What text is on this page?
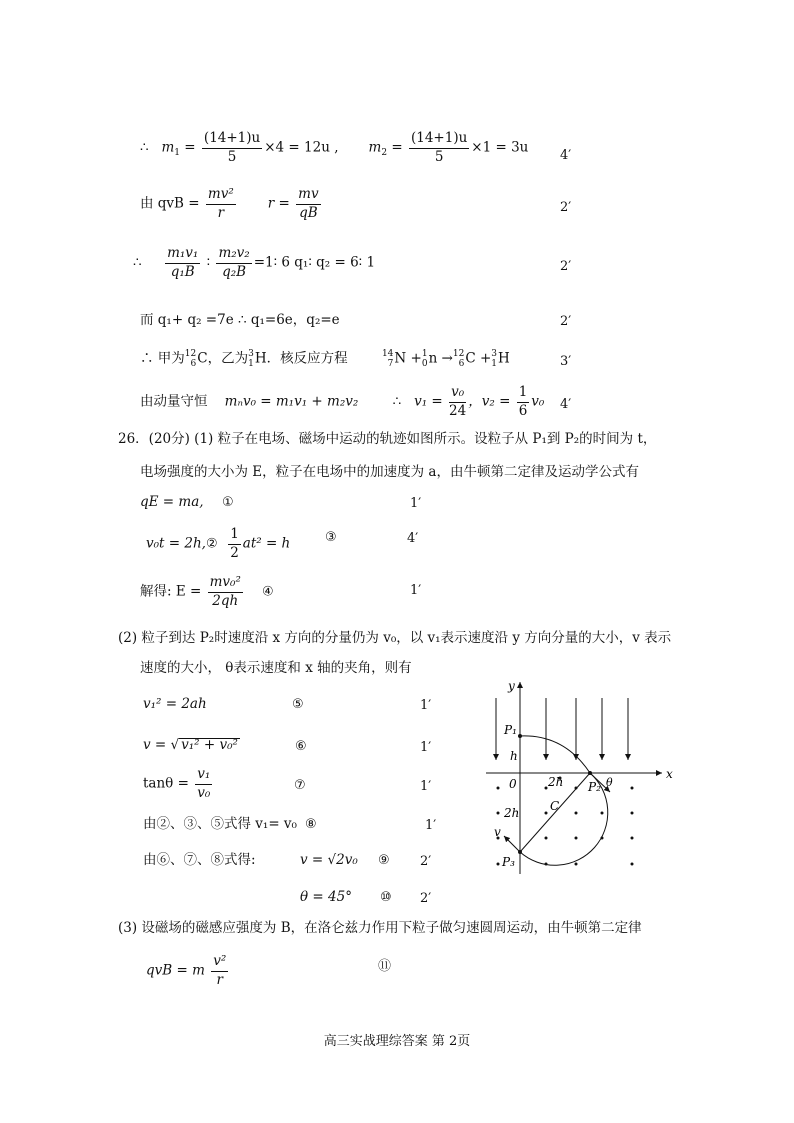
∴ $m_1 = \frac{(14+1)u}{5} \times 4 = 12u$ , $m_2 = \frac{(14+1)u}{5} \times 1 = 3u$ 4′
由 qvB = $\frac{\text{mv²}}{r}$ $r = \frac{mv}{qB}$	2′
∴ $\frac{\text{m₁v₁}}{\text{q₁B}}$ ∶ $\frac{\text{m₂v₂}}{\text{q₂B}}$ =1∶ 6 q₁∶ q₂ = 6∶ 1	2′
而 q₁+ q₂ =7e ∴ q₁=6e，q₂=e	2′
∴ 甲为 12
6 C，乙为 3
1 H．核反应方程	14
7 N + 1
0 n → 12
6 C + 3
1 H	3′
由动量守恒 mₙv₀ = m₁v₁ + m₂v₂	∴ $v_1 = \frac{\text{v₀}}{24}$ ，$v_2 = \frac{1}{6} v_0$ 4′
26．(20分) (1) 粒子在电场、磁场中运动的轨迹如图所示。设粒子从 P₁到 P₂的时间为 t，
电场强度的大小为 E，粒子在电场中的加速度为 a，由牛顿第二定律及运动学公式有
qE = ma, ①	1′
v₀t = 2h,② $\frac{1}{2} at^2 = h$	③	4′
解得: $E = \frac{\text{mv₀²}}{2qh}$ ④	1′
(2) 粒子到达 P₂时速度沿 x 方向的分量仍为 v₀，以 v₁表示速度沿 y 方向分量的大小，v 表示
速度的大小， θ表示速度和 x 轴的夹角，则有
v₁² = 2ah	⑤	1′
v = √ v₁² + v₀²	⑥	1′
$\tan\theta = \frac{\text{v₁}}{\text{v₀}}$	⑦	1′
由②、③、⑤式得 v₁= v₀ ⑧	1′
由⑥、⑦、⑧式得:	v = √2v₀ ⑨ 2′
θ = 45° ⑩ 2′
y
x
P₁
h
0	2h P₂ θ
C
2h
v
P₃
(3) 设磁场的磁感应强度为 B，在洛仑兹力作用下粒子做匀速圆周运动，由牛顿第二定律
qvB = m $\frac{\text{v²}}{r}$	⑪
高三实战理综答案 第 2页
